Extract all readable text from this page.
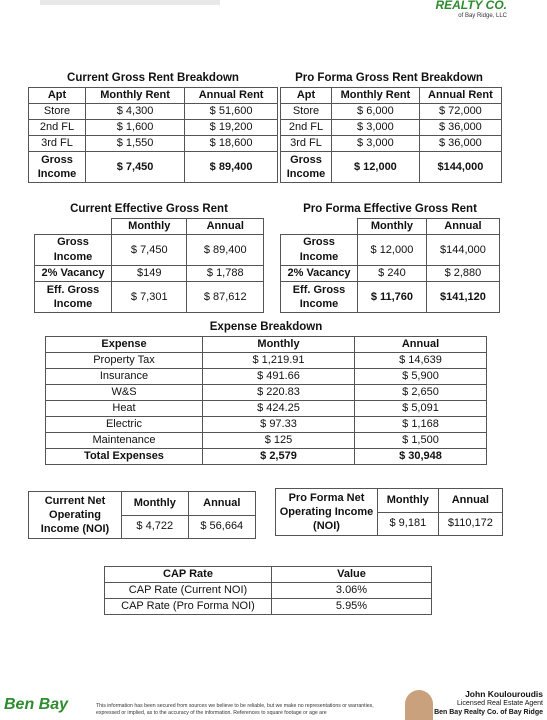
REALTY CO.
of Bay Ridge, LLC
Current Gross Rent Breakdown
Apt	Monthly Rent	Annual Rent
Store	$ 4,300	$ 51,600
2nd FL	$ 1,600	$ 19,200
3rd FL	$ 1,550	$ 18,600
Gross Income	$ 7,450	$ 89,400
Pro Forma Gross Rent Breakdown
Apt	Monthly Rent	Annual Rent
Store	$ 6,000	$ 72,000
2nd FL	$ 3,000	$ 36,000
3rd FL	$ 3,000	$ 36,000
Gross Income	$ 12,000	$144,000
Current Effective Gross Rent
	Monthly	Annual
Gross Income	$ 7,450	$ 89,400
2% Vacancy	$149	$ 1,788
Eff. Gross Income	$ 7,301	$ 87,612
Pro Forma Effective Gross Rent
	Monthly	Annual
Gross Income	$ 12,000	$144,000
2% Vacancy	$ 240	$ 2,880
Eff. Gross Income	$ 11,760	$141,120
Expense Breakdown
Expense	Monthly	Annual
Property Tax	$ 1,219.91	$ 14,639
Insurance	$ 491.66	$ 5,900
W&S	$ 220.83	$ 2,650
Heat	$ 424.25	$ 5,091
Electric	$ 97.33	$ 1,168
Maintenance	$ 125	$ 1,500
Total Expenses	$ 2,579	$ 30,948
Current Net Operating Income (NOI)	Monthly	Annual
	$ 4,722	$ 56,664
Pro Forma Net Operating Income (NOI)	Monthly	Annual
	$ 9,181	$110,172
CAP Rate	Value
CAP Rate (Current NOI)	3.06%
CAP Rate (Pro Forma NOI)	5.95%
Ben Bay	This information has been secured from sources we believe to be reliable, but we make no representations or warranties, expressed or implied, as to the accuracy of the information. References to square footage or age are
John Koulouroudis
Licensed Real Estate Agent
Ben Bay Realty Co. of Bay Ridge
